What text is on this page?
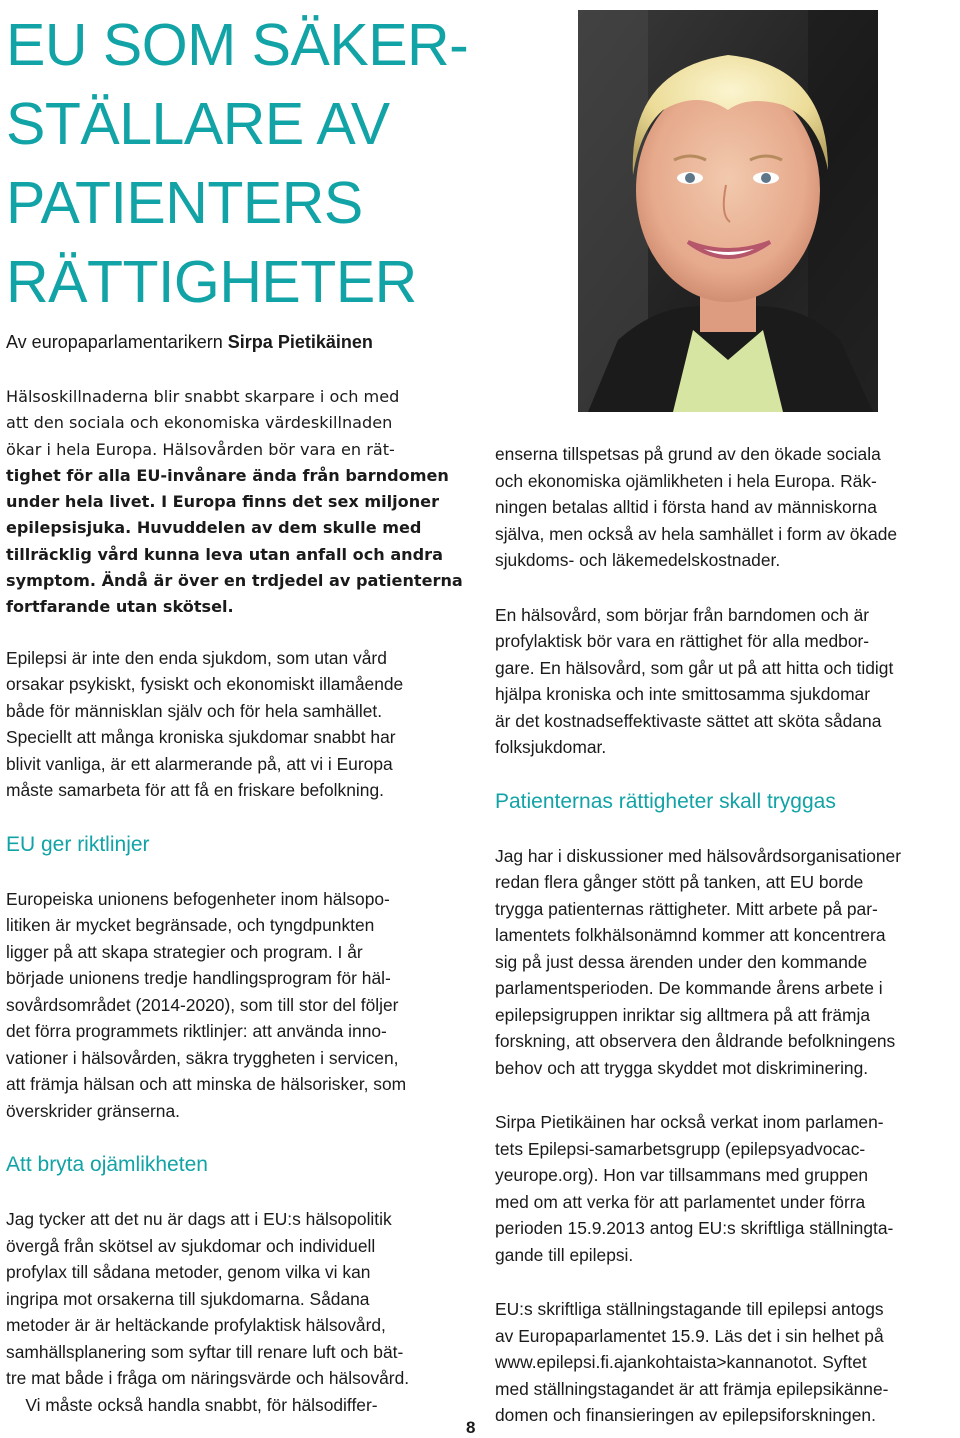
EU SOM SÄKER-
STÄLLARE AV
PATIENTERS
RÄTTIGHETER
Av europaparlamentarikern Sirpa Pietikäinen
Hälsoskillnaderna blir snabbt skarpare i och med
att den sociala och ekonomiska värdeskillnaden
ökar i hela Europa. Hälsovården bör vara en rät-
tighet för alla EU-invånare ända från barndomen
under hela livet. I Europa finns det sex miljoner
epilepsisjuka. Huvuddelen av dem skulle med
tillräcklig vård kunna leva utan anfall och andra
symptom. Ändå är över en trdjedel av patienterna
fortfarande utan skötsel.

Epilepsi är inte den enda sjukdom, som utan vård
orsakar psykiskt, fysiskt och ekonomiskt illamående
både för människlan själv och för hela samhället.
Speciellt att många kroniska sjukdomar snabbt har
blivit vanliga, är ett alarmerande på, att vi i Europa
måste samarbeta för att få en friskare befolkning.

EU ger riktlinjer

Europeiska unionens befogenheter inom hälsopo-
litiken är mycket begränsade, och tyngdpunkten
ligger på att skapa strategier och program. I år
började unionens tredje handlingsprogram för häl-
sovårdsområdet (2014-2020), som till stor del följer
det förra programmets riktlinjer: att använda inno-
vationer i hälsovården, säkra tryggheten i servicen,
att främja hälsan och att minska de hälsorisker, som
överskrider gränserna.

Att bryta ojämlikheten

Jag tycker att det nu är dags att i EU:s hälsopolitik
övergå från skötsel av sjukdomar och individuell
profylax till sådana metoder, genom vilka vi kan
ingripa mot orsakerna till sjukdomarna. Sådana
metoder är är heltäckande profylaktisk hälsovård,
samhällsplanering som syftar till renare luft och bät-
tre mat både i fråga om näringsvärde och hälsovård.
Vi måste också handla snabbt, för hälsodiffer-

enserna tillspetsas på grund av den ökade sociala
och ekonomiska ojämlikheten i hela Europa. Räk-
ningen betalas alltid i första hand av människorna
själva, men också av hela samhället i form av ökade
sjukdoms- och läkemedelskostnader.

En hälsovård, som börjar från barndomen och är
profylaktisk bör vara en rättighet för alla medbor-
gare. En hälsovård, som går ut på att hitta och tidigt
hjälpa kroniska och inte smittosamma sjukdomar
är det kostnadseffektivaste sättet att sköta sådana
folksjukdomar.

Patienternas rättigheter skall tryggas

Jag har i diskussioner med hälsovårdsorganisationer
redan flera gånger stött på tanken, att EU borde
trygga patienternas rättigheter. Mitt arbete på par-
lamentets folkhälsonämnd kommer att koncentrera
sig på just dessa ärenden under den kommande
parlamentsperioden. De kommande årens arbete i
epilepsigruppen inriktar sig alltmera på att främja
forskning, att observera den åldrande befolkningens
behov och att trygga skyddet mot diskriminering.

Sirpa Pietikäinen har också verkat inom parlamen-
tets Epilepsi-samarbetsgrupp (epilepsyadvocac-
yeurope.org). Hon var tillsammans med gruppen
med om att verka för att parlamentet under förra
perioden 15.9.2013 antog EU:s skriftliga ställningta-
gande till epilepsi.

EU:s skriftliga ställningstagande till epilepsi antogs
av Europaparlamentet 15.9. Läs det i sin helhet på
www.epilepsi.fi.ajankohtaista>kannanotot. Syftet
med ställningstagandet är att främja epilepsikänne-
domen och finansieringen av epilepsiforskningen.

8
